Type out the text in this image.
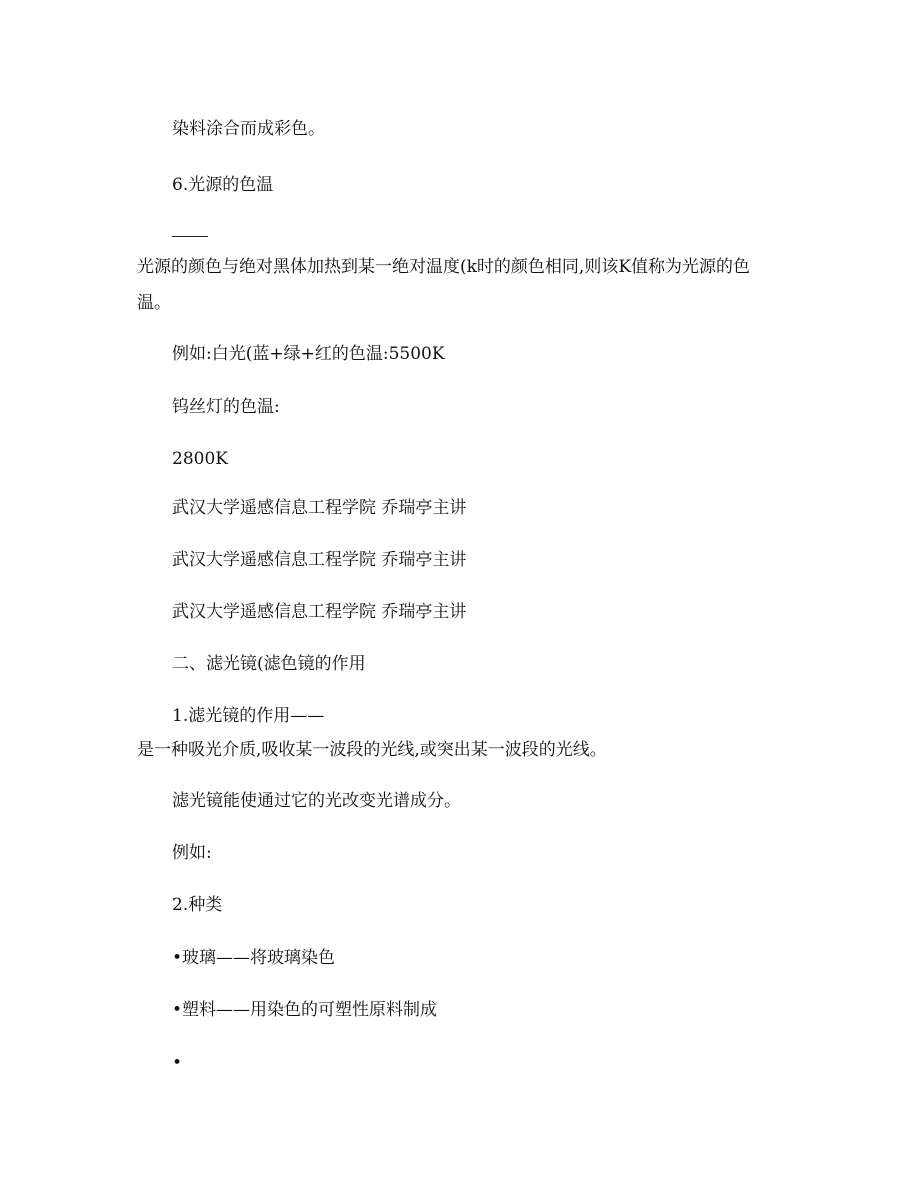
染料涂合而成彩色。
6.光源的色温
光源的颜色与绝对黑体加热到某一绝对温度(k时的颜色相同,则该K值称为光源的色
温。
例如:白光(蓝+绿+红的色温:5500K
钨丝灯的色温:
2800K
武汉大学遥感信息工程学院 乔瑞亭主讲
武汉大学遥感信息工程学院 乔瑞亭主讲
武汉大学遥感信息工程学院 乔瑞亭主讲
二、滤光镜(滤色镜的作用
1.滤光镜的作用——
是一种吸光介质,吸收某一波段的光线,或突出某一波段的光线。
滤光镜能使通过它的光改变光谱成分。
例如:
2.种类
•玻璃——将玻璃染色
•塑料——用染色的可塑性原料制成
•
